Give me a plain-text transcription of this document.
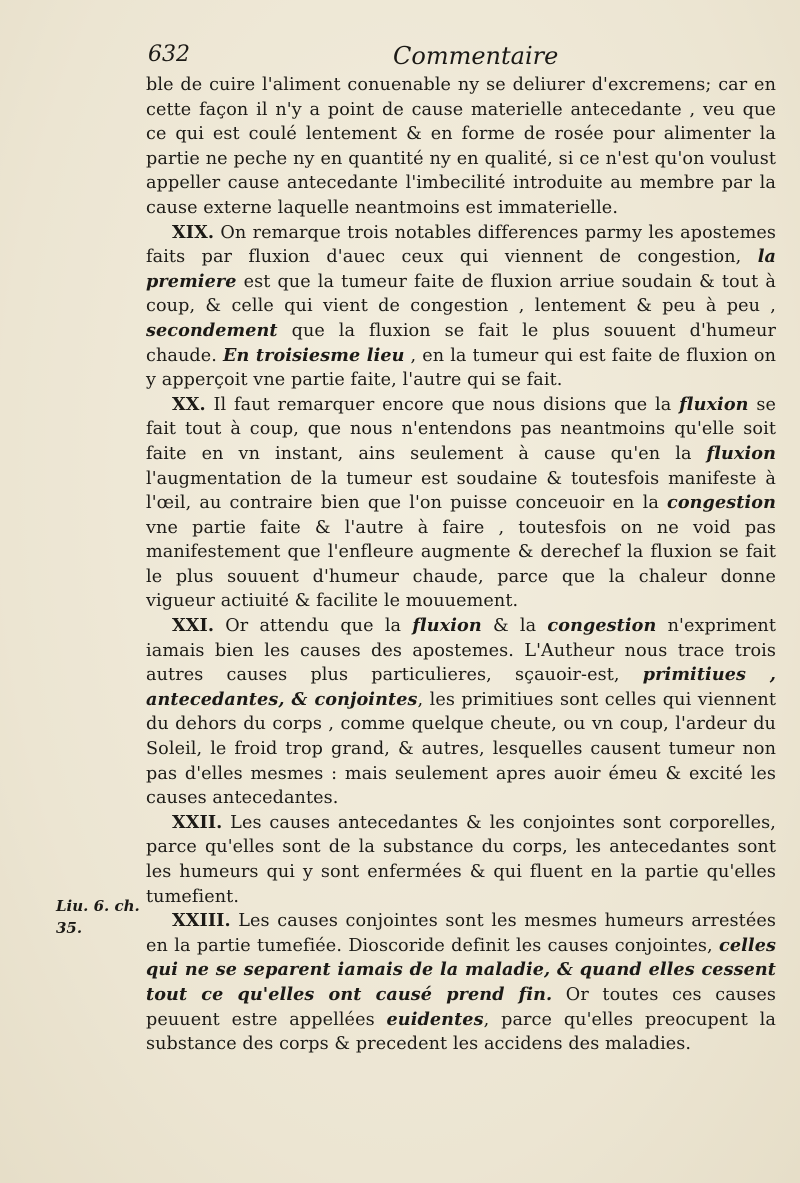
632	Commentaire

ble de cuire l'aliment conuenable ny se deliurer d'excremens; car en cette façon il n'y a point de cause materielle antecedante , veu que ce qui est coulé lentement & en forme de rosée pour alimenter la partie ne peche ny en quantité ny en qualité, si ce n'est qu'on voulust appeller cause antecedante l'imbecilité introduite au membre par la cause externe laquelle neantmoins est immaterielle.

XIX. On remarque trois notables differences parmy les apostemes faits par fluxion d'auec ceux qui viennent de congestion, la premiere est que la tumeur faite de fluxion arriue soudain & tout à coup, & celle qui vient de congestion , lentement & peu à peu , secondement que la fluxion se fait le plus souuent d'humeur chaude. En troisiesme lieu , en la tumeur qui est faite de fluxion on y apperçoit vne partie faite, l'autre qui se fait.

XX. Il faut remarquer encore que nous disions que la fluxion se fait tout à coup, que nous n'entendons pas neantmoins qu'elle soit faite en vn instant, ains seulement à cause qu'en la fluxion l'augmentation de la tumeur est soudaine & toutesfois manifeste à l'œil, au contraire bien que l'on puisse conceuoir en la congestion vne partie faite & l'autre à faire , toutesfois on ne void pas manifestement que l'enfleure augmente & derechef la fluxion se fait le plus souuent d'humeur chaude, parce que la chaleur donne vigueur actiuité & facilite le mouuement.

XXI. Or attendu que la fluxion & la congestion n'expriment iamais bien les causes des apostemes. L'Autheur nous trace trois autres causes plus particulieres, sçauoir-est, primitiues , antecedantes, & conjointes, les primitiues sont celles qui viennent du dehors du corps , comme quelque cheute, ou vn coup, l'ardeur du Soleil, le froid trop grand, & autres, lesquelles causent tumeur non pas d'elles mesmes : mais seulement apres auoir émeu & excité les causes antecedantes.

XXII. Les causes antecedantes & les conjointes sont corporelles, parce qu'elles sont de la substance du corps, les antecedantes sont les humeurs qui y sont enfermées & qui fluent en la partie qu'elles tumefient.

XXIII. Les causes conjointes sont les mesmes humeurs arrestées en la partie tumefiée. Dioscoride definit les causes conjointes, celles qui ne se separent iamais de la maladie, & quand elles cessent tout ce qu'elles ont causé prend fin. Or toutes ces causes peuuent estre appellées euidentes, parce qu'elles preocupent la substance des corps & precedent les accidens des maladies.

Liu. 6. ch. 35.
